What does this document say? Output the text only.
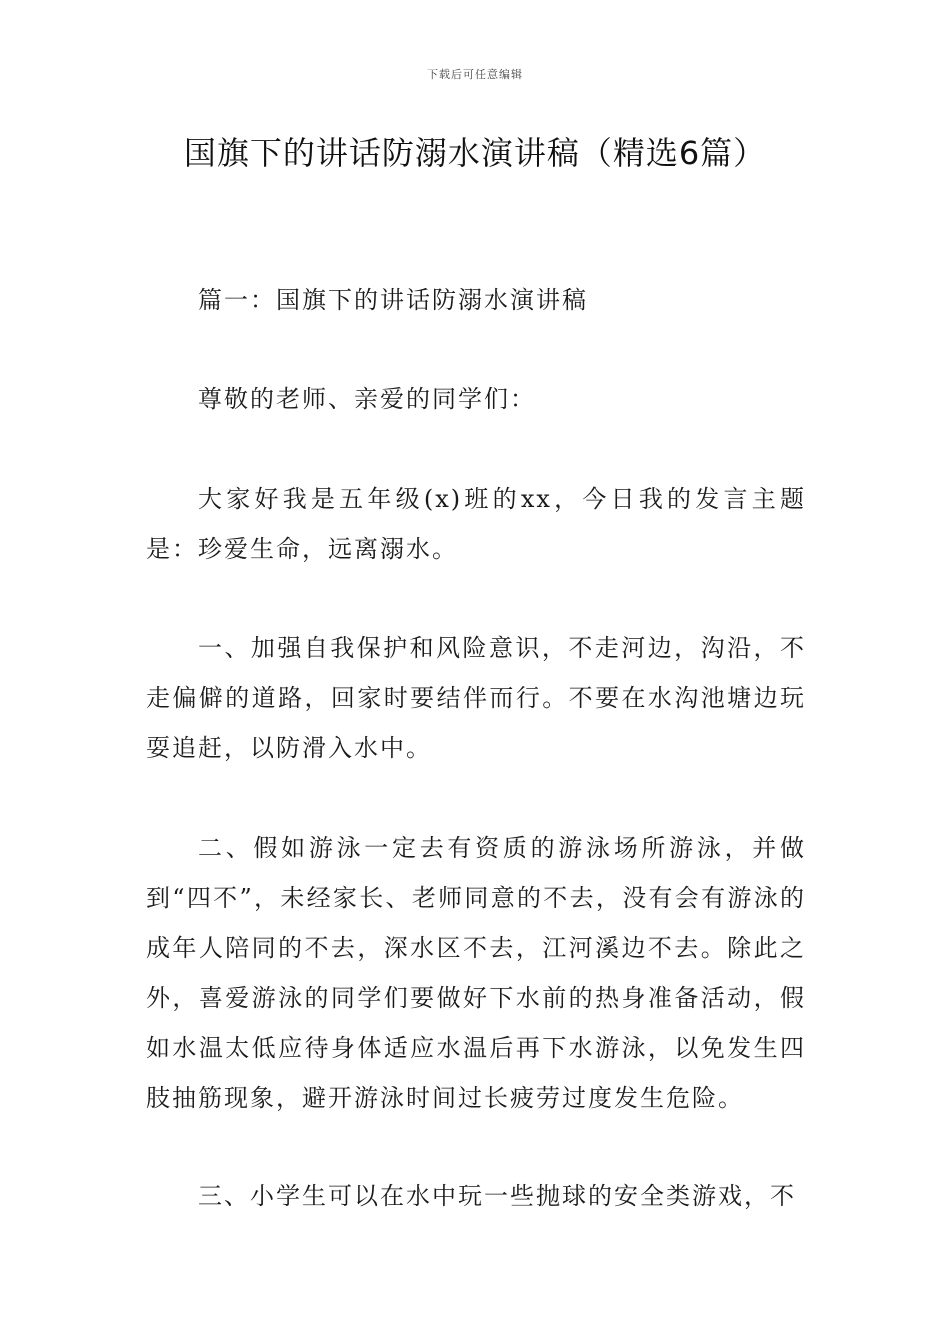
下载后可任意编辑
国旗下的讲话防溺水演讲稿（精选6篇）

篇一：国旗下的讲话防溺水演讲稿

尊敬的老师、亲爱的同学们：

大家好我是五年级(x)班的xx，今日我的发言主题是：珍爱生命，远离溺水。

一、加强自我保护和风险意识，不走河边，沟沿，不走偏僻的道路，回家时要结伴而行。不要在水沟池塘边玩耍追赶，以防滑入水中。

二、假如游泳一定去有资质的游泳场所游泳，并做到“四不”，未经家长、老师同意的不去，没有会有游泳的成年人陪同的不去，深水区不去，江河溪边不去。除此之外，喜爱游泳的同学们要做好下水前的热身准备活动，假如水温太低应待身体适应水温后再下水游泳，以免发生四肢抽筋现象，避开游泳时间过长疲劳过度发生危险。

三、小学生可以在水中玩一些抛球的安全类游戏，不
